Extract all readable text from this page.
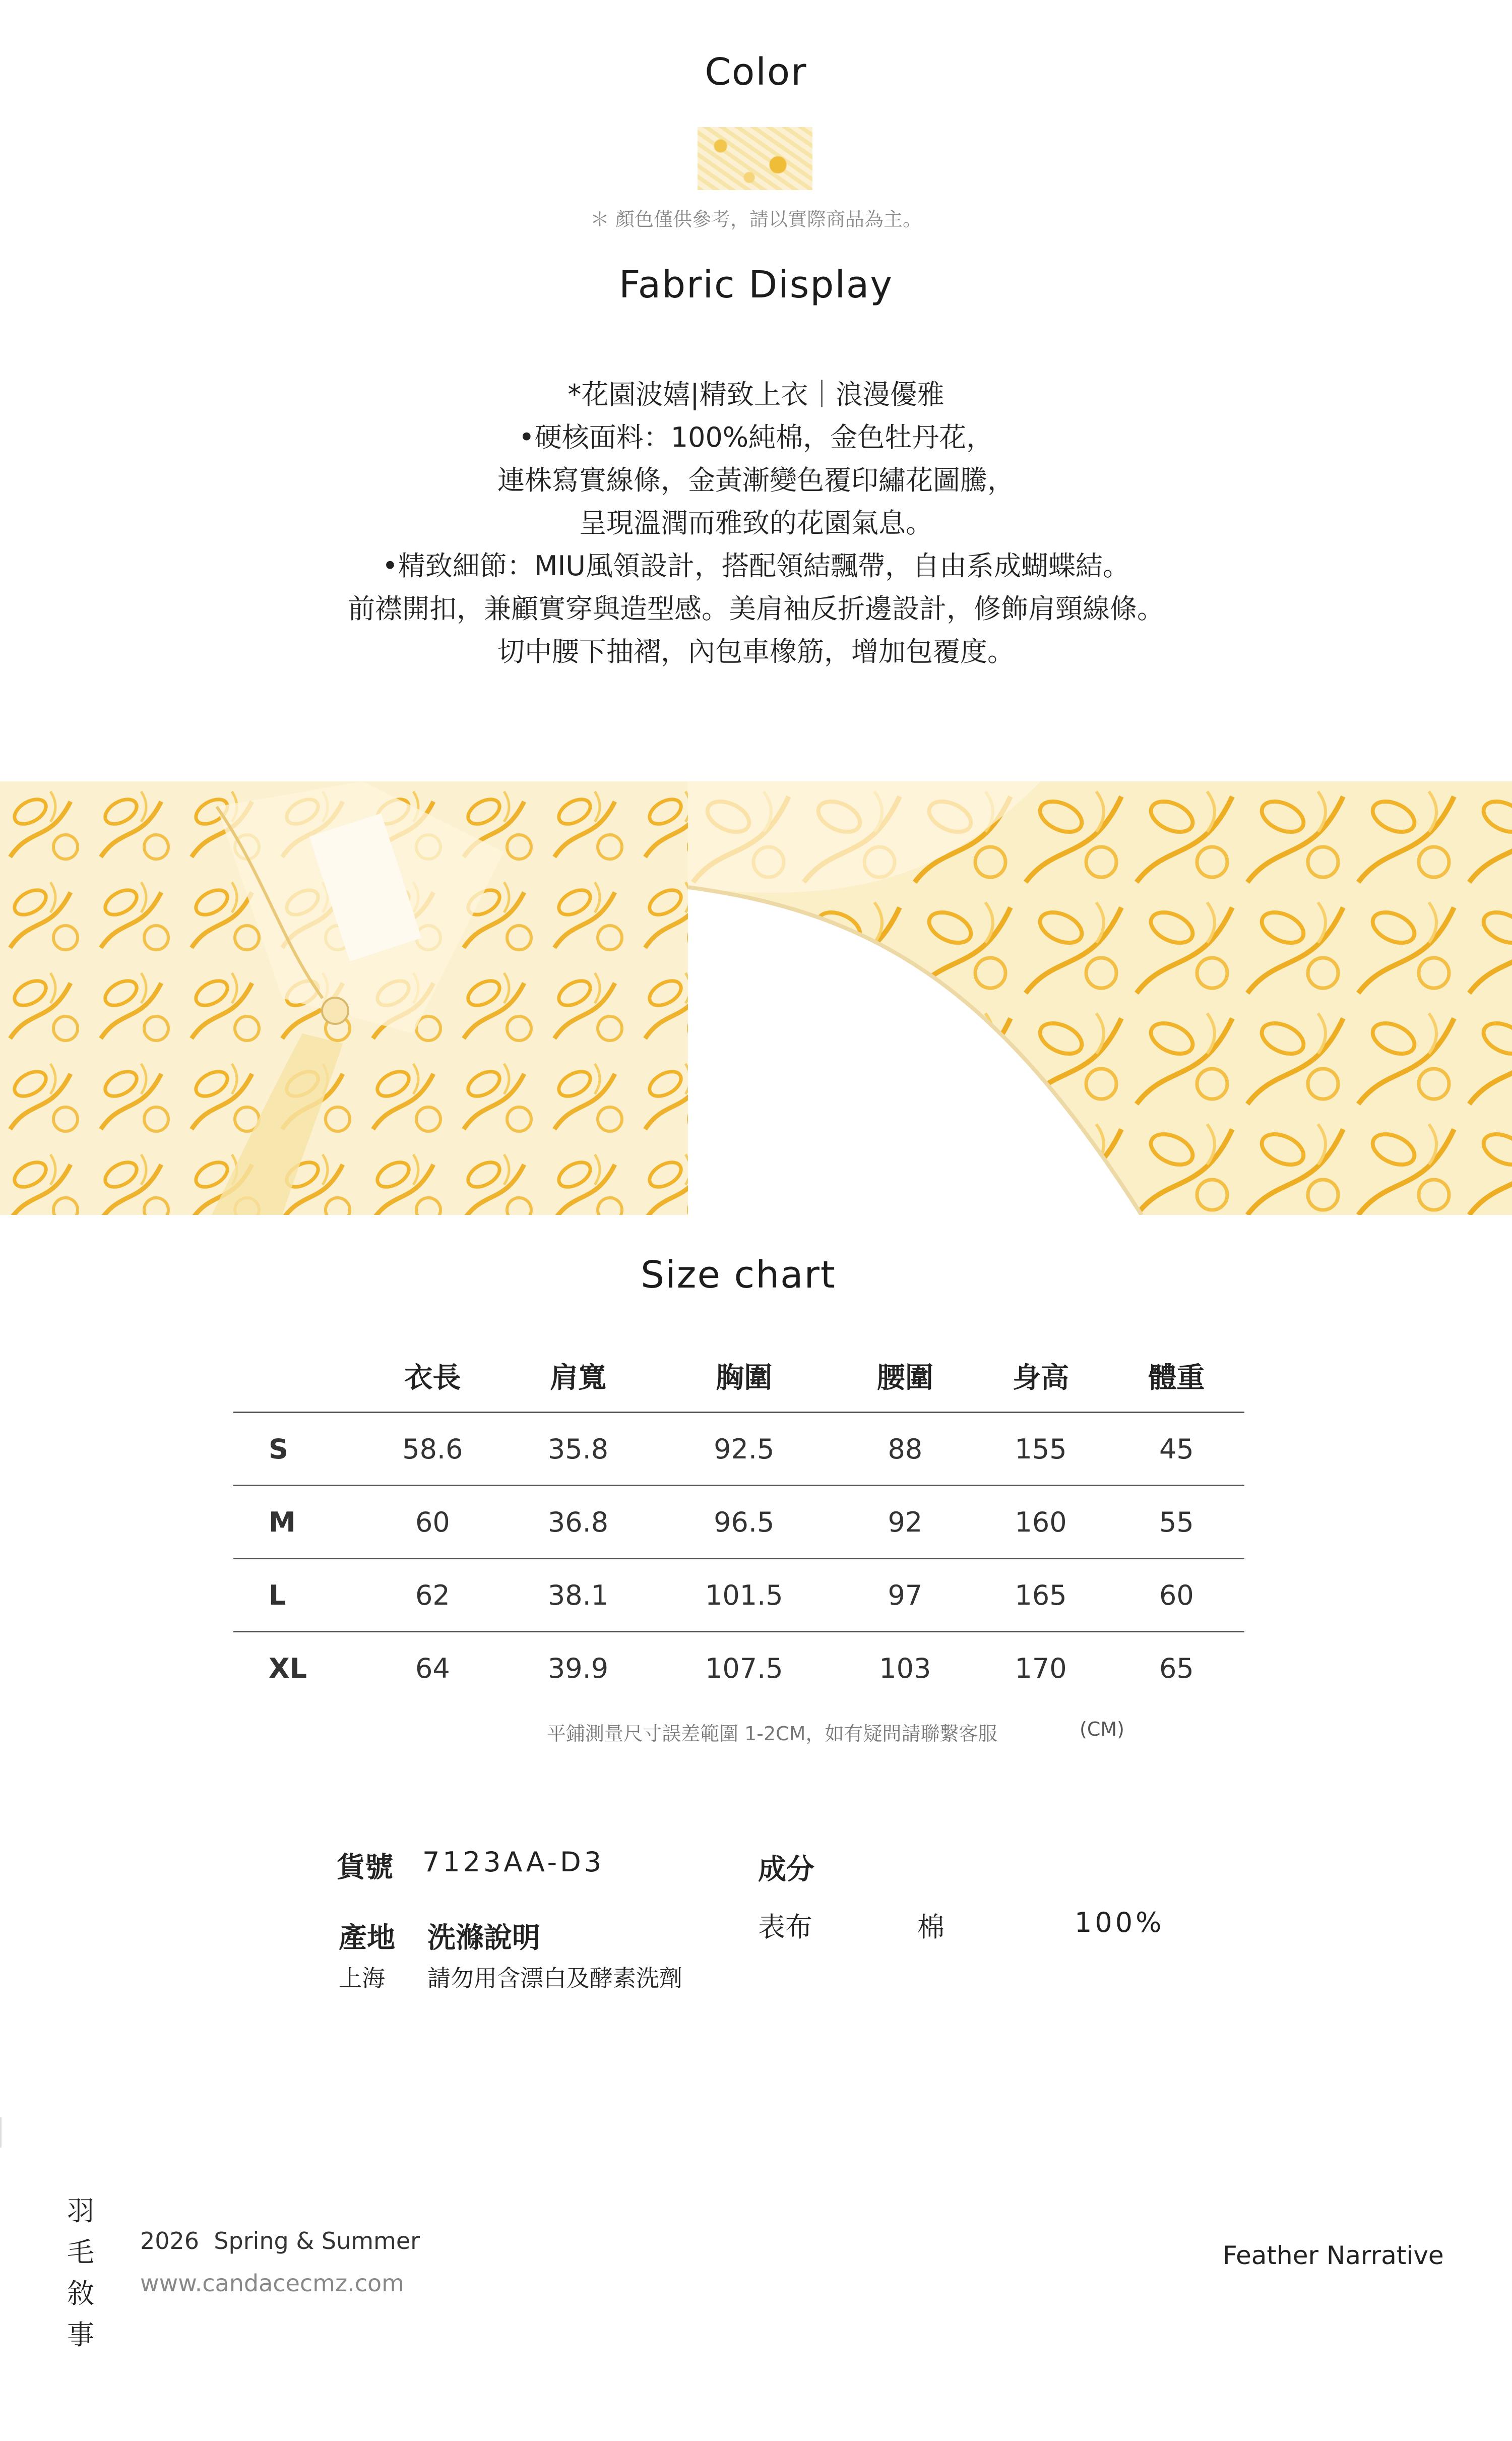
Color
＊ 顏色僅供參考，請以實際商品為主。
Fabric Display
*花園波嬉|精致上衣｜浪漫優雅
•硬核面料：100%純棉，金色牡丹花，
連株寫實線條，金黃漸變色覆印繡花圖騰，
呈現溫潤而雅致的花園氣息。
•精致細節：MIU風領設計，搭配領結飄帶，自由系成蝴蝶結。
前襟開扣，兼顧實穿與造型感。美肩袖反折邊設計，修飾肩頸線條。
切中腰下抽褶，內包車橡筋，增加包覆度。
Size chart
	衣長	肩寬	胸圍	腰圍	身高	體重
S	58.6	35.8	92.5	88	155	45
M	60	36.8	96.5	92	160	55
L	62	38.1	101.5	97	165	60
XL	64	39.9	107.5	103	170	65
平鋪測量尺寸誤差範圍 1-2CM，如有疑問請聯繫客服	(CM)
貨號 7123AA-D3
產地 洗滌說明
上海 請勿用含漂白及酵素洗劑
成分
表布	棉	100%
羽
毛
敘
事
2026  Spring & Summer
www.candacecmz.com
Feather Narrative
